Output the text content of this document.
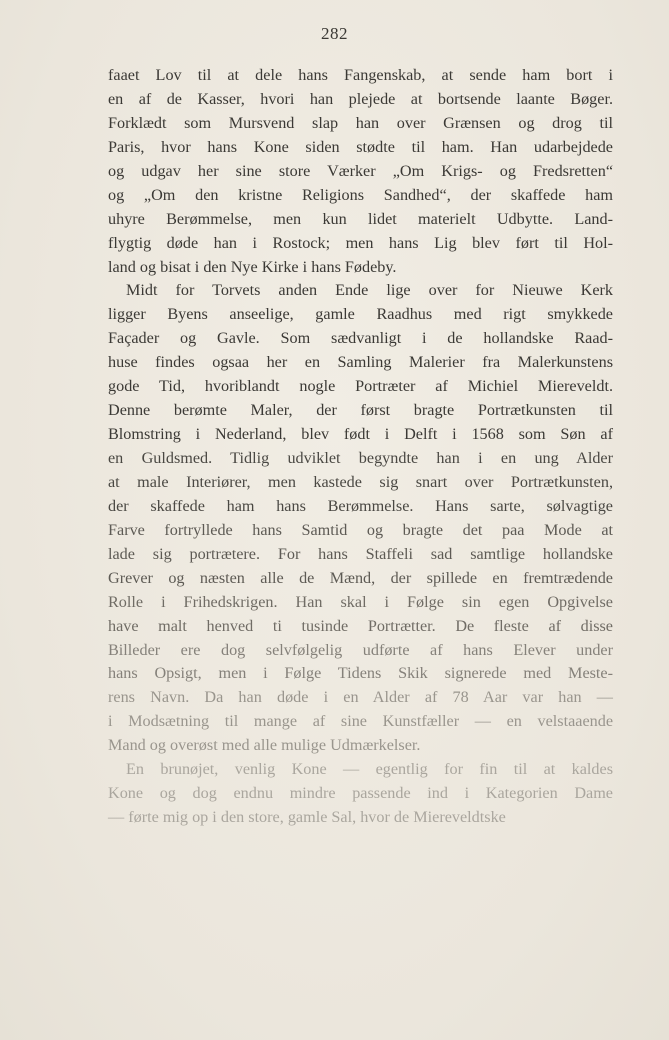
282
faaet Lov til at dele hans Fangenskab, at sende ham bort i
en af de Kasser, hvori han plejede at bortsende laante Bøger.
Forklædt som Mursvend slap han over Grænsen og drog til
Paris, hvor hans Kone siden stødte til ham. Han udarbejdede
og udgav her sine store Værker „Om Krigs- og Fredsretten“
og „Om den kristne Religions Sandhed“, der skaffede ham
uhyre Berømmelse, men kun lidet materielt Udbytte. Land-
flygtig døde han i Rostock; men hans Lig blev ført til Hol-
land og bisat i den Nye Kirke i hans Fødeby.
Midt for Torvets anden Ende lige over for Nieuwe Kerk
ligger Byens anseelige, gamle Raadhus med rigt smykkede
Façader og Gavle. Som sædvanligt i de hollandske Raad-
huse findes ogsaa her en Samling Malerier fra Malerkunstens
gode Tid, hvoriblandt nogle Portræter af Michiel Miereveldt.
Denne berømte Maler, der først bragte Portrætkunsten til
Blomstring i Nederland, blev født i Delft i 1568 som Søn af
en Guldsmed. Tidlig udviklet begyndte han i en ung Alder
at male Interiører, men kastede sig snart over Portrætkunsten,
der skaffede ham hans Berømmelse. Hans sarte, sølvagtige
Farve fortryllede hans Samtid og bragte det paa Mode at
lade sig portrætere. For hans Staffeli sad samtlige hollandske
Grever og næsten alle de Mænd, der spillede en fremtrædende
Rolle i Frihedskrigen. Han skal i Følge sin egen Opgivelse
have malt henved ti tusinde Portrætter. De fleste af disse
Billeder ere dog selvfølgelig udførte af hans Elever under
hans Opsigt, men i Følge Tidens Skik signerede med Meste-
rens Navn. Da han døde i en Alder af 78 Aar var han —
i Modsætning til mange af sine Kunstfæller — en velstaaende
Mand og overøst med alle mulige Udmærkelser.
En brunøjet, venlig Kone — egentlig for fin til at kaldes
Kone og dog endnu mindre passende ind i Kategorien Dame
— førte mig op i den store, gamle Sal, hvor de Miereveldtske
